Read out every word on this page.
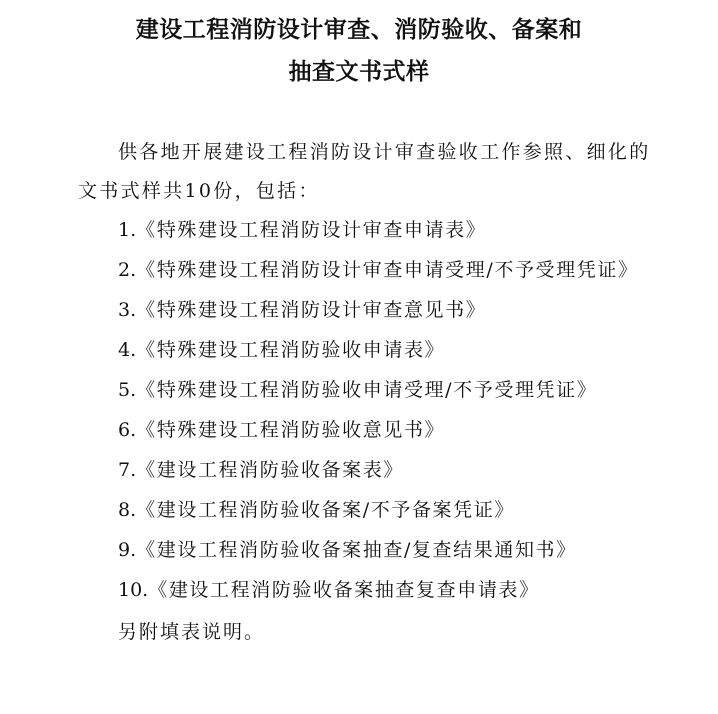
建设工程消防设计审查、消防验收、备案和
抽查文书式样

供各地开展建设工程消防设计审查验收工作参照、细化的

文书式样共10份，包括：

1.《特殊建设工程消防设计审查申请表》
2.《特殊建设工程消防设计审查申请受理/不予受理凭证》
3.《特殊建设工程消防设计审查意见书》
4.《特殊建设工程消防验收申请表》
5.《特殊建设工程消防验收申请受理/不予受理凭证》
6.《特殊建设工程消防验收意见书》
7.《建设工程消防验收备案表》
8.《建设工程消防验收备案/不予备案凭证》
9.《建设工程消防验收备案抽查/复查结果通知书》
10.《建设工程消防验收备案抽查复查申请表》

另附填表说明。
